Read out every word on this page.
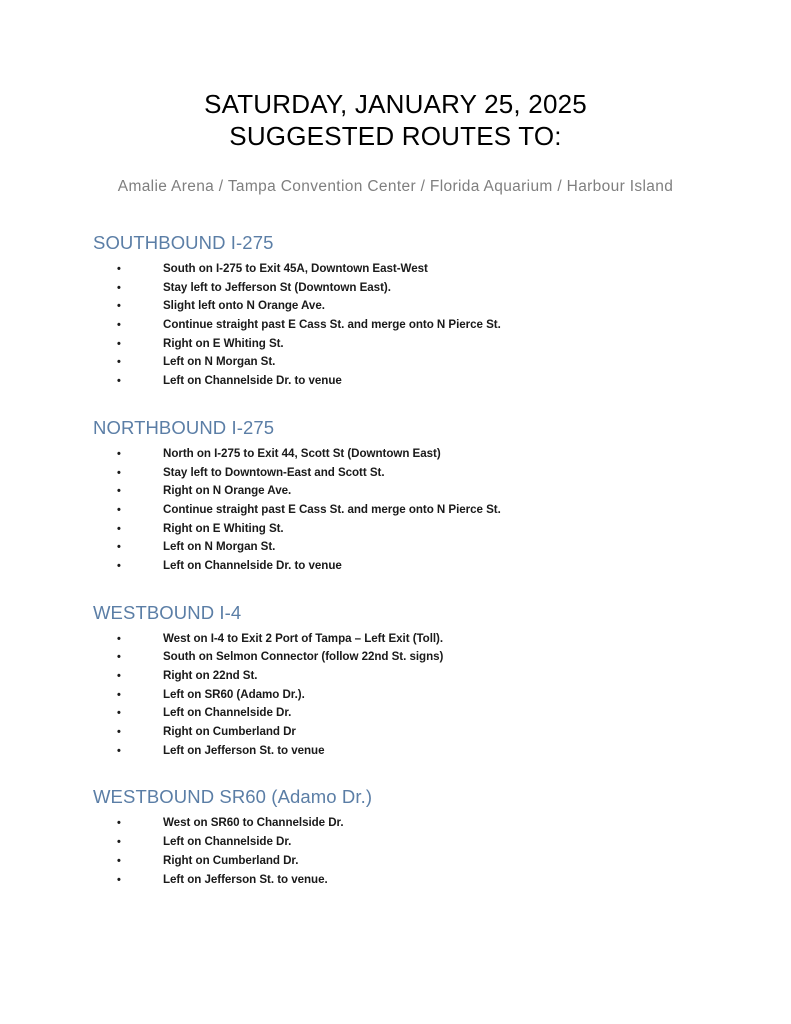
SATURDAY, JANUARY 25, 2025
SUGGESTED ROUTES TO:

Amalie Arena / Tampa Convention Center / Florida Aquarium / Harbour Island

SOUTHBOUND I-275
•	South on I-275 to Exit 45A, Downtown East-West
•	Stay left to Jefferson St (Downtown East).
•	Slight left onto N Orange Ave.
•	Continue straight past E Cass St. and merge onto N Pierce St.
•	Right on E Whiting St.
•	Left on N Morgan St.
•	Left on Channelside Dr. to venue
NORTHBOUND I-275
•	North on I-275 to Exit 44, Scott St (Downtown East)
•	Stay left to Downtown-East and Scott St.
•	Right on N Orange Ave.
•	Continue straight past E Cass St. and merge onto N Pierce St.
•	Right on E Whiting St.
•	Left on N Morgan St.
•	Left on Channelside Dr. to venue
WESTBOUND I-4
•	West on I-4 to Exit 2 Port of Tampa – Left Exit (Toll).
•	South on Selmon Connector (follow 22nd St. signs)
•	Right on 22nd St.
•	Left on SR60 (Adamo Dr.).
•	Left on Channelside Dr.
•	Right on Cumberland Dr
•	Left on Jefferson St. to venue
WESTBOUND SR60 (Adamo Dr.)
•	West on SR60 to Channelside Dr.
•	Left on Channelside Dr.
•	Right on Cumberland Dr.
•	Left on Jefferson St. to venue.
